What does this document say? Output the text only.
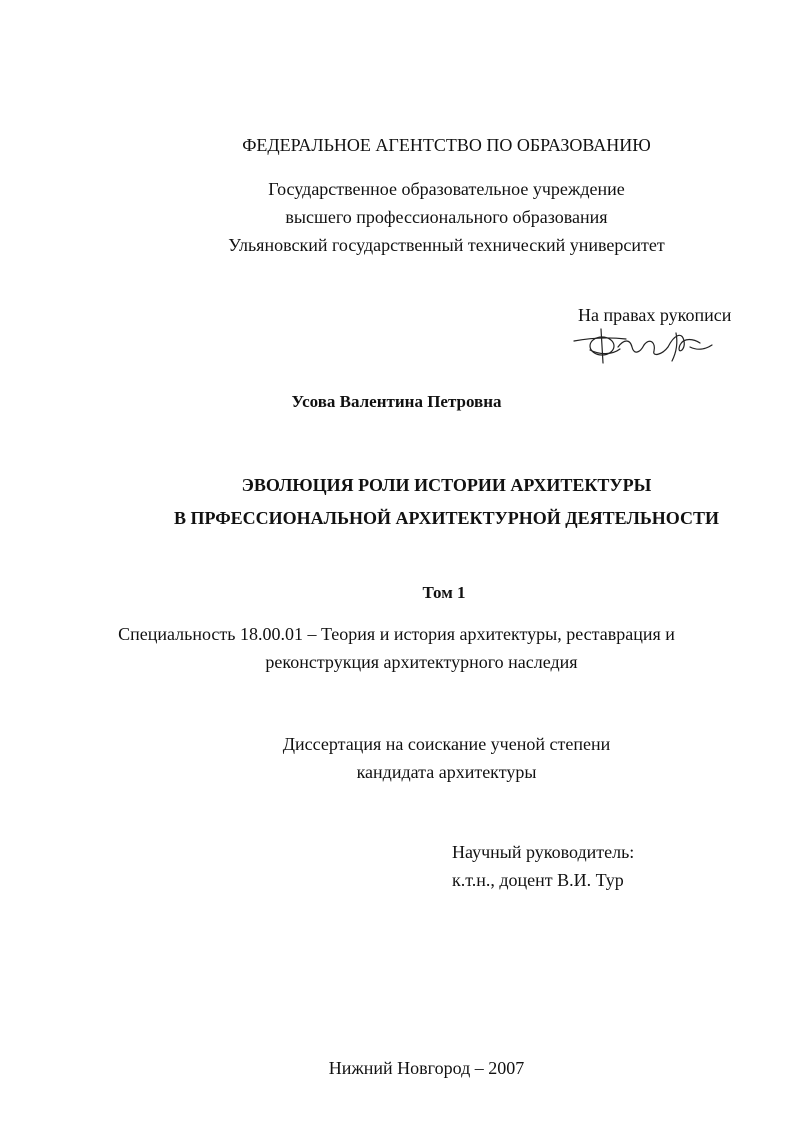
ФЕДЕРАЛЬНОЕ АГЕНТСТВО ПО ОБРАЗОВАНИЮ
Государственное образовательное учреждение
высшего профессионального образования
Ульяновский государственный технический университет
На правах рукописи
Усова Валентина Петровна
ЭВОЛЮЦИЯ РОЛИ ИСТОРИИ АРХИТЕКТУРЫ
В ПРФЕССИОНАЛЬНОЙ АРХИТЕКТУРНОЙ ДЕЯТЕЛЬНОСТИ
Том 1
Специальность 18.00.01 – Теория и история архитектуры, реставрация и
реконструкция архитектурного наследия
Диссертация на соискание ученой степени
кандидата архитектуры
Научный руководитель:
к.т.н., доцент В.И. Тур
Нижний Новгород – 2007
